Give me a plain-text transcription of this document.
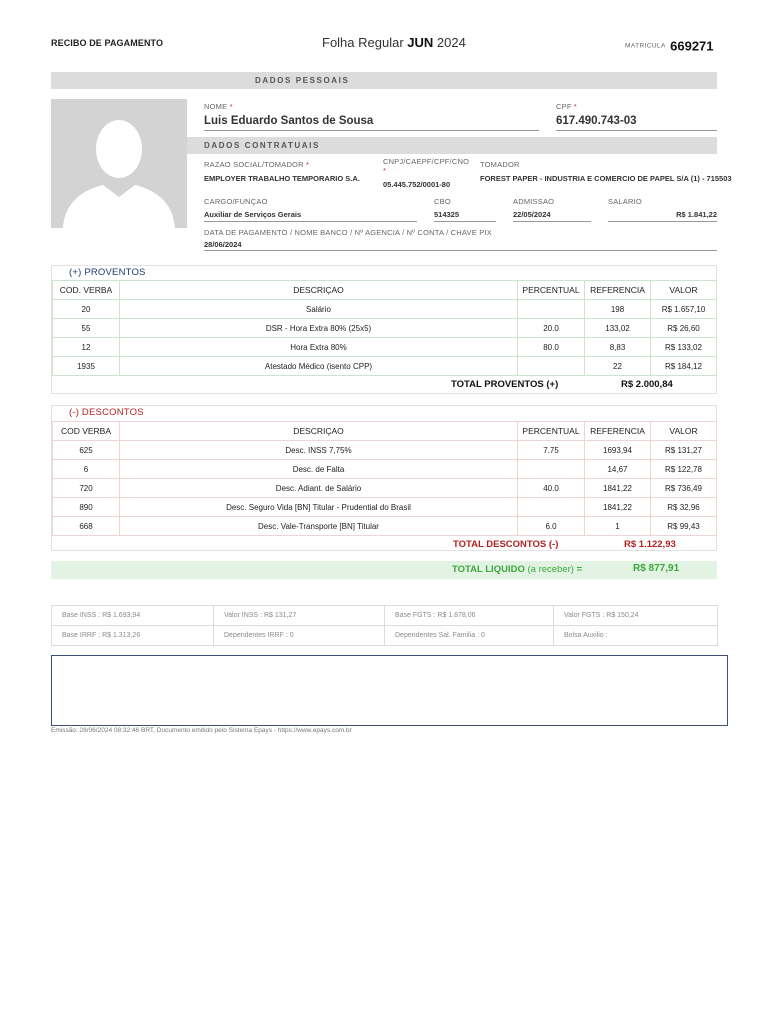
RECIBO DE PAGAMENTO	Folha Regular JUN 2024	MATRICULA 669271
DADOS PESSOAIS
NOME *
Luis Eduardo Santos de Sousa
CPF *
617.490.743-03
DADOS CONTRATUAIS
RAZAO SOCIAL/TOMADOR *
EMPLOYER TRABALHO TEMPORARIO S.A.
CNPJ/CAEPF/CPF/CNO
*
05.445.752/0001-80
TOMADOR
FOREST PAPER - INDUSTRIA E COMERCIO DE PAPEL S/A (1) - 715503
CARGO/FUNÇAO
Auxiliar de Serviços Gerais
CBO
514325
ADMISSAO
22/05/2024
SALARIO
R$ 1.841,22
DATA DE PAGAMENTO / NOME BANCO / Nº AGENCIA / Nº CONTA / CHAVE PIX
28/06/2024
(+) PROVENTOS
COD. VERBA	DESCRIÇAO	PERCENTUAL	REFERENCIA	VALOR
20	Salário		198	R$ 1.657,10
55	DSR - Hora Extra 80% (25x5)	20.0	133,02	R$ 26,60
12	Hora Extra 80%	80.0	8,83	R$ 133,02
1935	Atestado Médico (isento CPP)		22	R$ 184,12
TOTAL PROVENTOS (+)	R$ 2.000,84
(-) DESCONTOS
COD VERBA	DESCRIÇAO	PERCENTUAL	REFERENCIA	VALOR
625	Desc. INSS 7,75%	7.75	1693,94	R$ 131,27
6	Desc. de Falta		14,67	R$ 122,78
720	Desc. Adiant. de Salário	40.0	1841,22	R$ 736,49
890	Desc. Seguro Vida [BN] Titular - Prudential do Brasil		1841,22	R$ 32,96
668	Desc. Vale-Transporte [BN] Titular	6.0	1	R$ 99,43
TOTAL DESCONTOS (-)	R$ 1.122,93
TOTAL LIQUIDO (a receber) =	R$ 877,91
Base INSS : R$ 1.693,94	Valor INSS : R$ 131,27	Base FGTS : R$ 1.878,06	Valor FGTS : R$ 150,24
Base IRRF : R$ 1.313,26	Dependentes IRRF : 0	Dependentes Sal. Familia : 0	Bolsa Auxilio :
Emissão: 28/06/2024 08:32:46 BRT, Documento emitido pelo Sistema Epays - https://www.epays.com.br
